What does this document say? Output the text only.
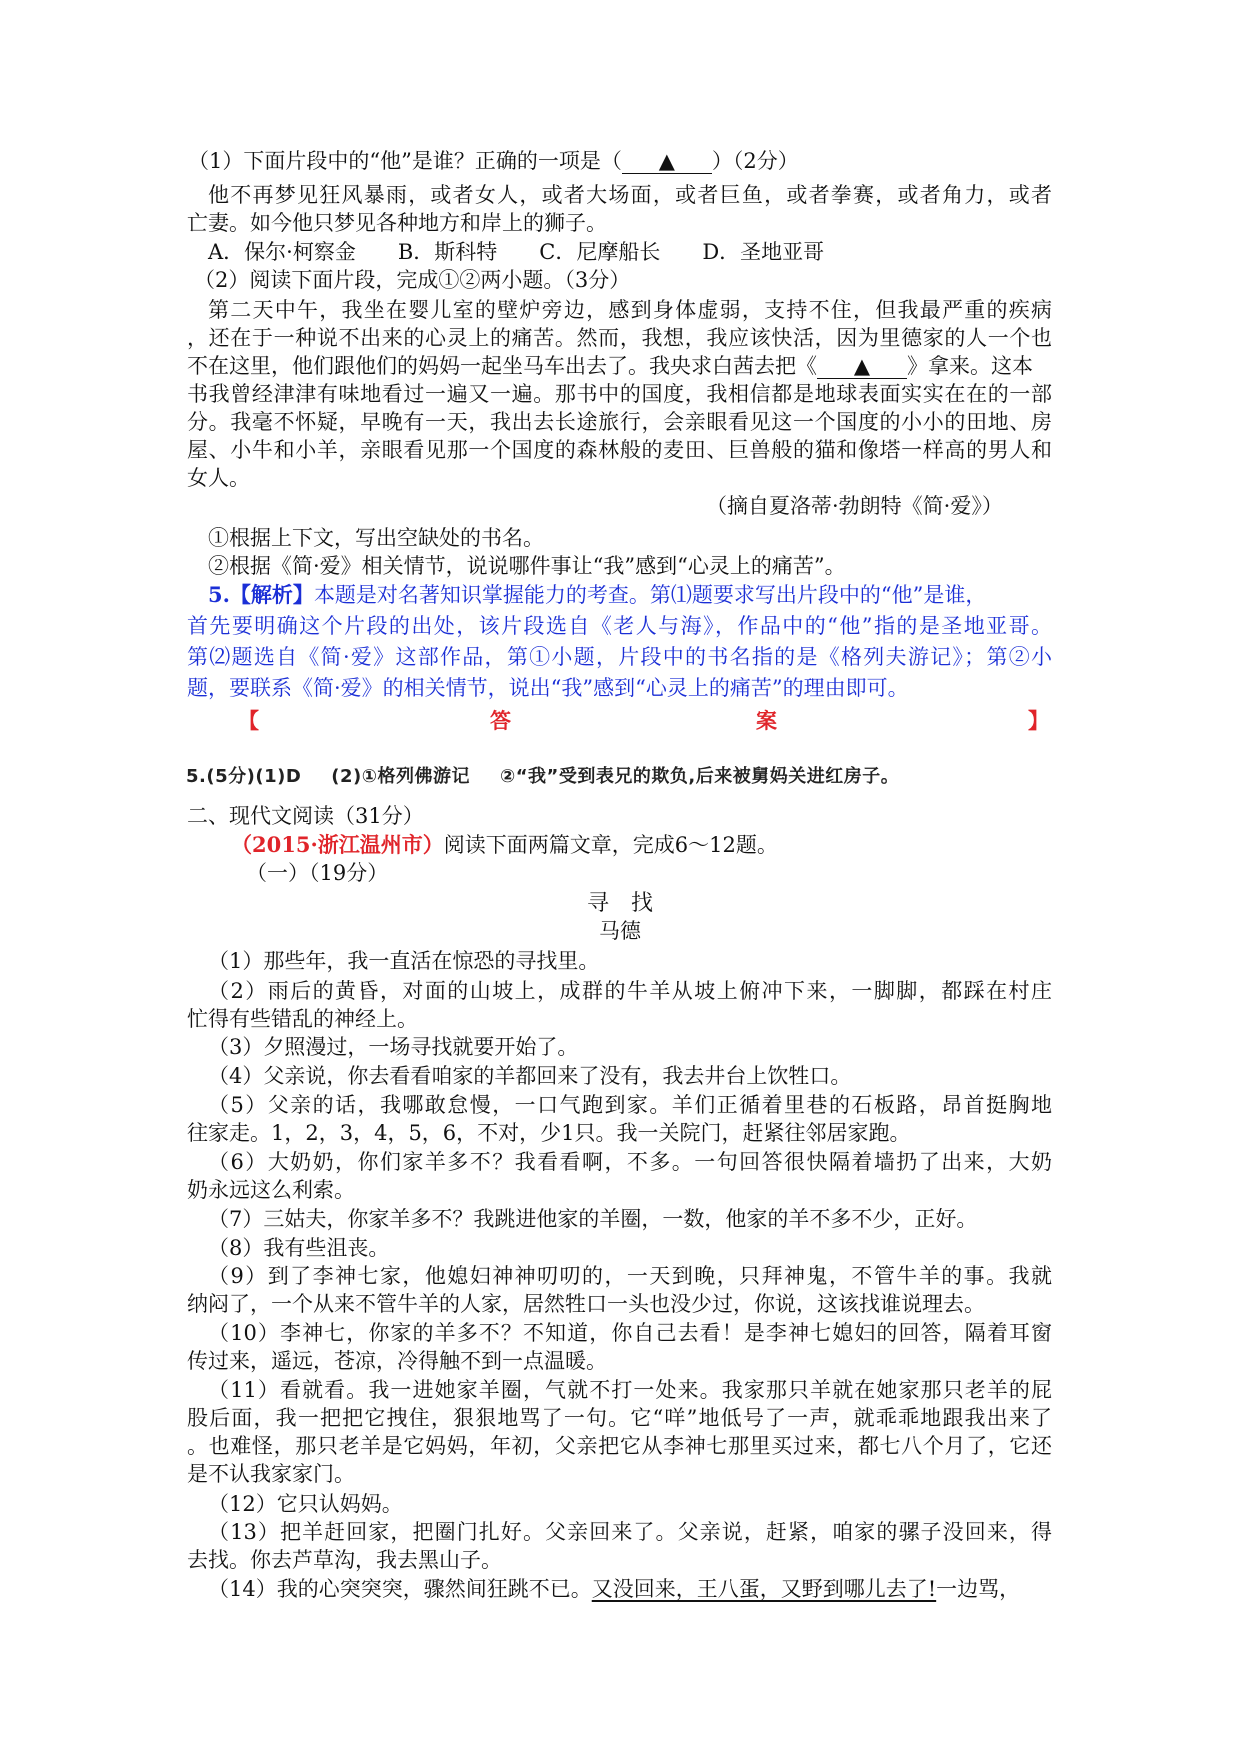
（1）下面片段中的“他”是谁？正确的一项是（ ▲ ）（2分）
他不再梦见狂风暴雨，或者女人，或者大场面，或者巨鱼，或者拳赛，或者角力，或者
亡妻。如今他只梦见各种地方和岸上的狮子。
A．保尔·柯察金　　B．斯科特　　C．尼摩船长　　D．圣地亚哥
（2）阅读下面片段，完成①②两小题。（3分）
第二天中午，我坐在婴儿室的壁炉旁边，感到身体虚弱，支持不住，但我最严重的疾病
，还在于一种说不出来的心灵上的痛苦。然而，我想，我应该快活，因为里德家的人一个也
不在这里，他们跟他们的妈妈一起坐马车出去了。我央求白茜去把《 ▲ 》拿来。这本
书我曾经津津有味地看过一遍又一遍。那书中的国度，我相信都是地球表面实实在在的一部
分。我毫不怀疑，早晚有一天，我出去长途旅行，会亲眼看见这一个国度的小小的田地、房
屋、小牛和小羊，亲眼看见那一个国度的森林般的麦田、巨兽般的猫和像塔一样高的男人和
女人。
（摘自夏洛蒂·勃朗特《简·爱》）
①根据上下文，写出空缺处的书名。
②根据《简·爱》相关情节，说说哪件事让“我”感到“心灵上的痛苦”。
5.【解析】本题是对名著知识掌握能力的考查。第⑴题要求写出片段中的“他”是谁，
首先要明确这个片段的出处，该片段选自《老人与海》，作品中的“他”指的是圣地亚哥。
第⑵题选自《简·爱》这部作品，第①小题，片段中的书名指的是《格列夫游记》；第②小
题，要联系《简·爱》的相关情节，说出“我”感到“心灵上的痛苦”的理由即可。
【	答	案	】
5.(5分)(1)D (2)①格列佛游记 ②“我”受到表兄的欺负,后来被舅妈关进红房子。
二、现代文阅读（31分）
（2015·浙江温州市）阅读下面两篇文章，完成6～12题。
（一）（19分）
寻　找
马德
（1）那些年，我一直活在惊恐的寻找里。
（2）雨后的黄昏，对面的山坡上，成群的牛羊从坡上俯冲下来，一脚脚，都踩在村庄
忙得有些错乱的神经上。
（3）夕照漫过，一场寻找就要开始了。
（4）父亲说，你去看看咱家的羊都回来了没有，我去井台上饮牲口。
（5）父亲的话，我哪敢怠慢，一口气跑到家。羊们正循着里巷的石板路，昂首挺胸地
往家走。1，2，3，4，5，6，不对，少1只。我一关院门，赶紧往邻居家跑。
（6）大奶奶，你们家羊多不？我看看啊，不多。一句回答很快隔着墙扔了出来，大奶
奶永远这么利索。
（7）三姑夫，你家羊多不？我跳进他家的羊圈，一数，他家的羊不多不少，正好。
（8）我有些沮丧。
（9）到了李神七家，他媳妇神神叨叨的，一天到晚，只拜神鬼，不管牛羊的事。我就
纳闷了，一个从来不管牛羊的人家，居然牲口一头也没少过，你说，这该找谁说理去。
（10）李神七，你家的羊多不？不知道，你自己去看！是李神七媳妇的回答，隔着耳窗
传过来，遥远，苍凉，冷得触不到一点温暖。
（11）看就看。我一进她家羊圈，气就不打一处来。我家那只羊就在她家那只老羊的屁
股后面，我一把把它拽住，狠狠地骂了一句。它“咩”地低号了一声，就乖乖地跟我出来了
。也难怪，那只老羊是它妈妈，年初，父亲把它从李神七那里买过来，都七八个月了，它还
是不认我家家门。
（12）它只认妈妈。
（13）把羊赶回家，把圈门扎好。父亲回来了。父亲说，赶紧，咱家的骡子没回来，得
去找。你去芦草沟，我去黑山子。
（14）我的心突突突，骤然间狂跳不已。又没回来，王八蛋，又野到哪儿去了!一边骂，
